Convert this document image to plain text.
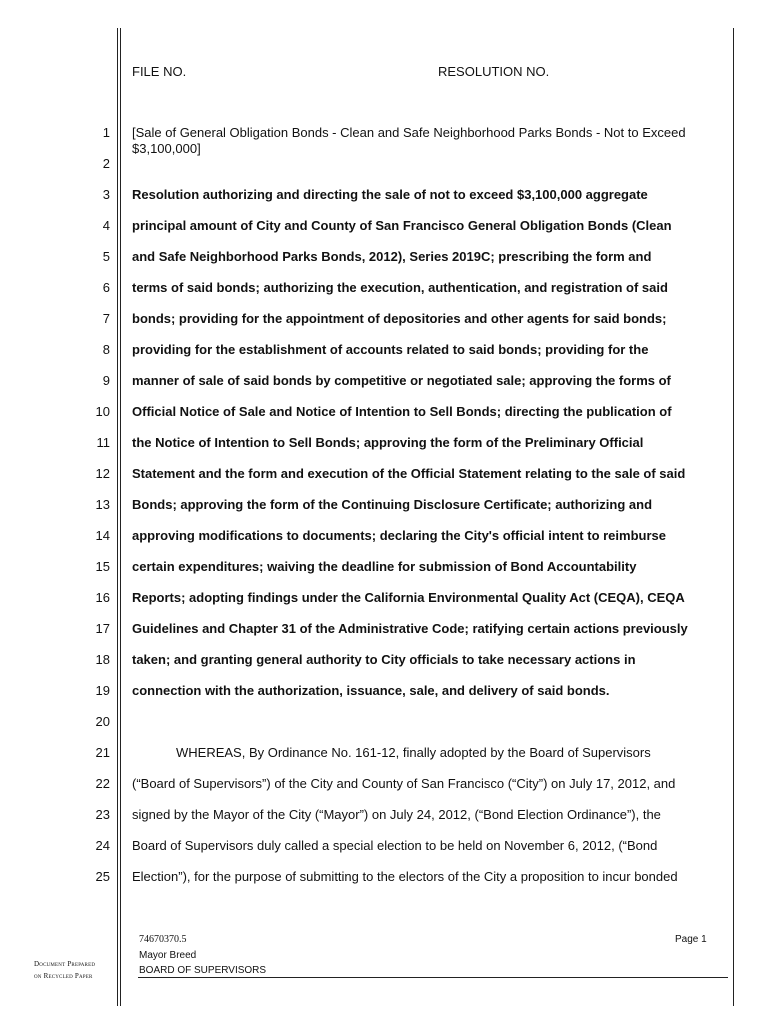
FILE NO.	RESOLUTION NO.
1
2
3
4
5
6
7
8
9
10
11
12
13
14
15
16
17
18
19
20
21
22
23
24
25
[Sale of General Obligation Bonds - Clean and Safe Neighborhood Parks Bonds - Not to Exceed
$3,100,000]
Resolution authorizing and directing the sale of not to exceed $3,100,000 aggregate
principal amount of City and County of San Francisco General Obligation Bonds (Clean
and Safe Neighborhood Parks Bonds, 2012), Series 2019C; prescribing the form and
terms of said bonds; authorizing the execution, authentication, and registration of said
bonds; providing for the appointment of depositories and other agents for said bonds;
providing for the establishment of accounts related to said bonds; providing for the
manner of sale of said bonds by competitive or negotiated sale; approving the forms of
Official Notice of Sale and Notice of Intention to Sell Bonds; directing the publication of
the Notice of Intention to Sell Bonds; approving the form of the Preliminary Official
Statement and the form and execution of the Official Statement relating to the sale of said
Bonds; approving the form of the Continuing Disclosure Certificate; authorizing and
approving modifications to documents; declaring the City's official intent to reimburse
certain expenditures; waiving the deadline for submission of Bond Accountability
Reports; adopting findings under the California Environmental Quality Act (CEQA), CEQA
Guidelines and Chapter 31 of the Administrative Code; ratifying certain actions previously
taken; and granting general authority to City officials to take necessary actions in
connection with the authorization, issuance, sale, and delivery of said bonds.
WHEREAS, By Ordinance No. 161-12, finally adopted by the Board of Supervisors
(“Board of Supervisors”) of the City and County of San Francisco (“City”) on July 17, 2012, and
signed by the Mayor of the City (“Mayor”) on July 24, 2012, (“Bond Election Ordinance”), the
Board of Supervisors duly called a special election to be held on November 6, 2012, (“Bond
Election”), for the purpose of submitting to the electors of the City a proposition to incur bonded
74670370.5
Mayor Breed
BOARD OF SUPERVISORS
Page 1
Document Prepared
on Recycled Paper
